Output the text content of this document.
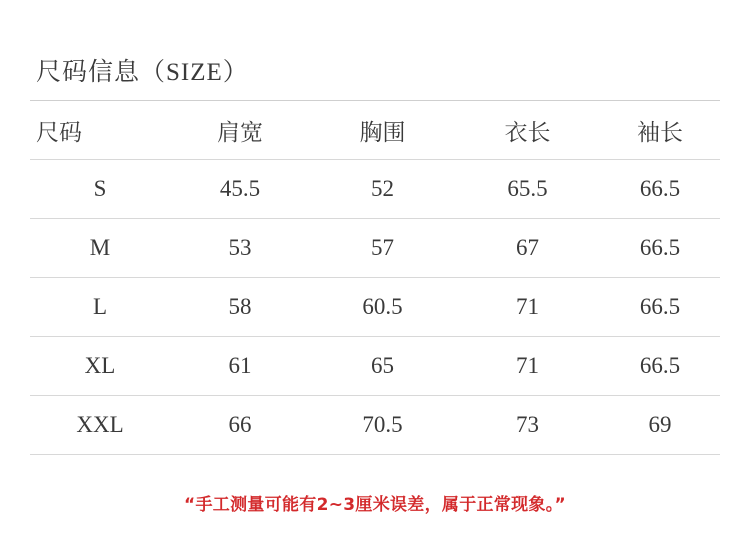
尺码信息（SIZE）
尺码	肩宽	胸围	衣长	袖长
S	45.5	52	65.5	66.5
M	53	57	67	66.5
L	58	60.5	71	66.5
XL	61	65	71	66.5
XXL	66	70.5	73	69
“手工测量可能有2~3厘米误差，属于正常现象。”
